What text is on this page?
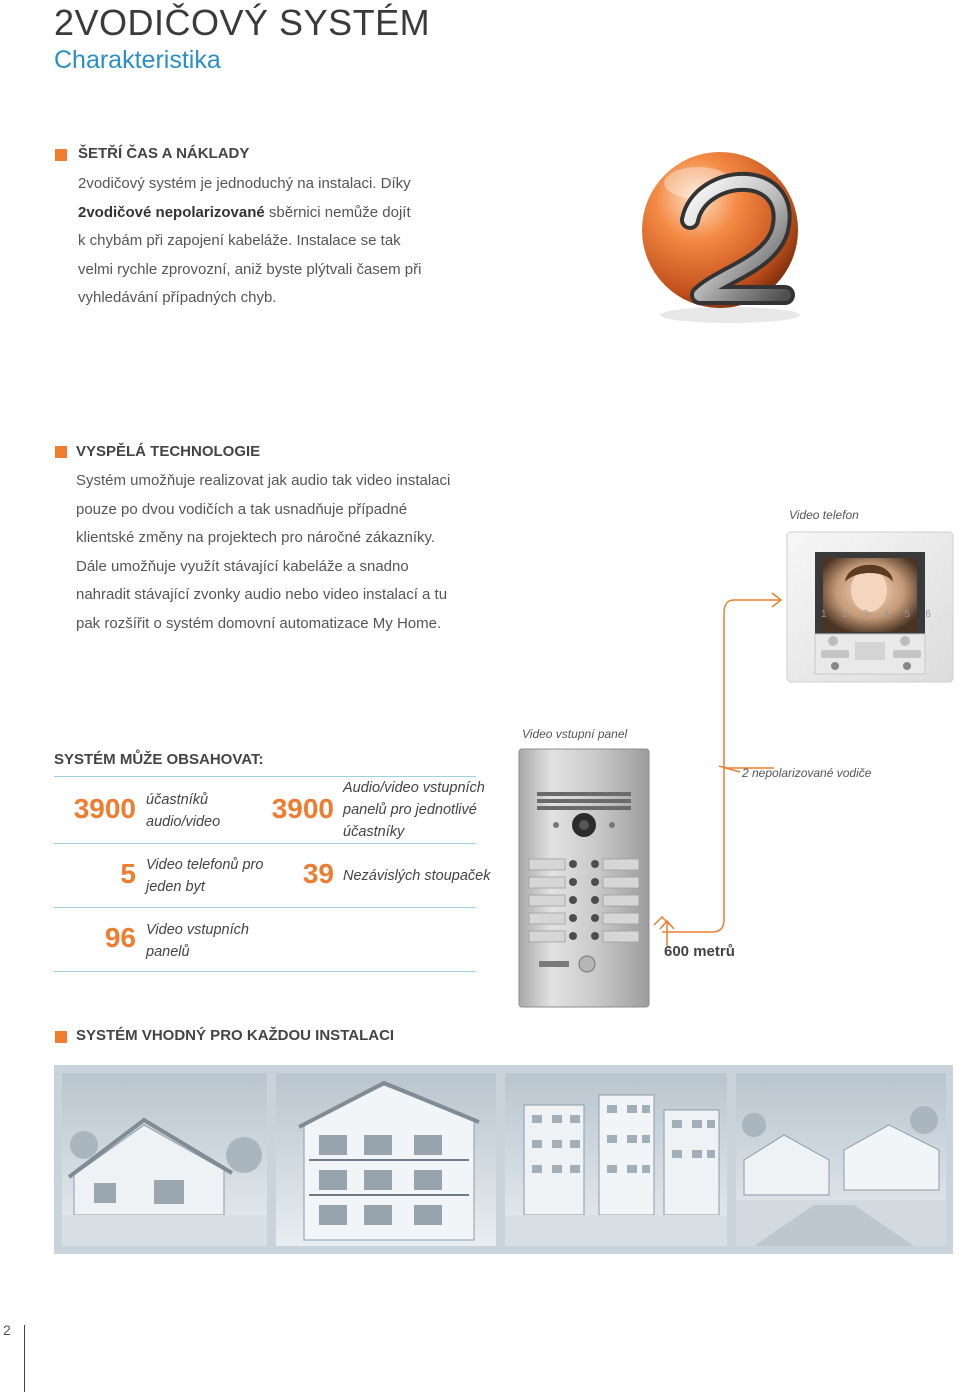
2VODIČOVÝ SYSTÉM
Charakteristika
ŠETŘÍ ČAS A NÁKLADY
2vodičový systém je jednoduchý na instalaci. Díky
2vodičové nepolarizované sběrnici nemůže dojít
k chybám při zapojení kabeláže. Instalace se tak
velmi rychle zprovozní, aniž byste plýtvali časem při
vyhledávání případných chyb.
VYSPĚLÁ TECHNOLOGIE
Systém umožňuje realizovat jak audio tak video instalaci
pouze po dvou vodičích a tak usnadňuje případné
klientské změny na projektech pro náročné zákazníky.
Dále umožňuje využít stávající kabeláže a snadno
nahradit stávající zvonky audio nebo video instalací a tu
pak rozšířit o systém domovní automatizace My Home.
Video telefon
1 2 3 4 5 6
2 nepolarizované vodiče
600 metrů
Video vstupní panel
SYSTÉM MŮŽE OBSAHOVAT:
3900 účastníků
audio/video	3900
Audio/video vstupních
panelů pro jednotlivé
účastníky
5 Video telefonů pro
jeden byt	39 Nezávislých stoupaček
96 Video vstupních
panelů
SYSTÉM VHODNÝ PRO KAŽDOU INSTALACI
2
